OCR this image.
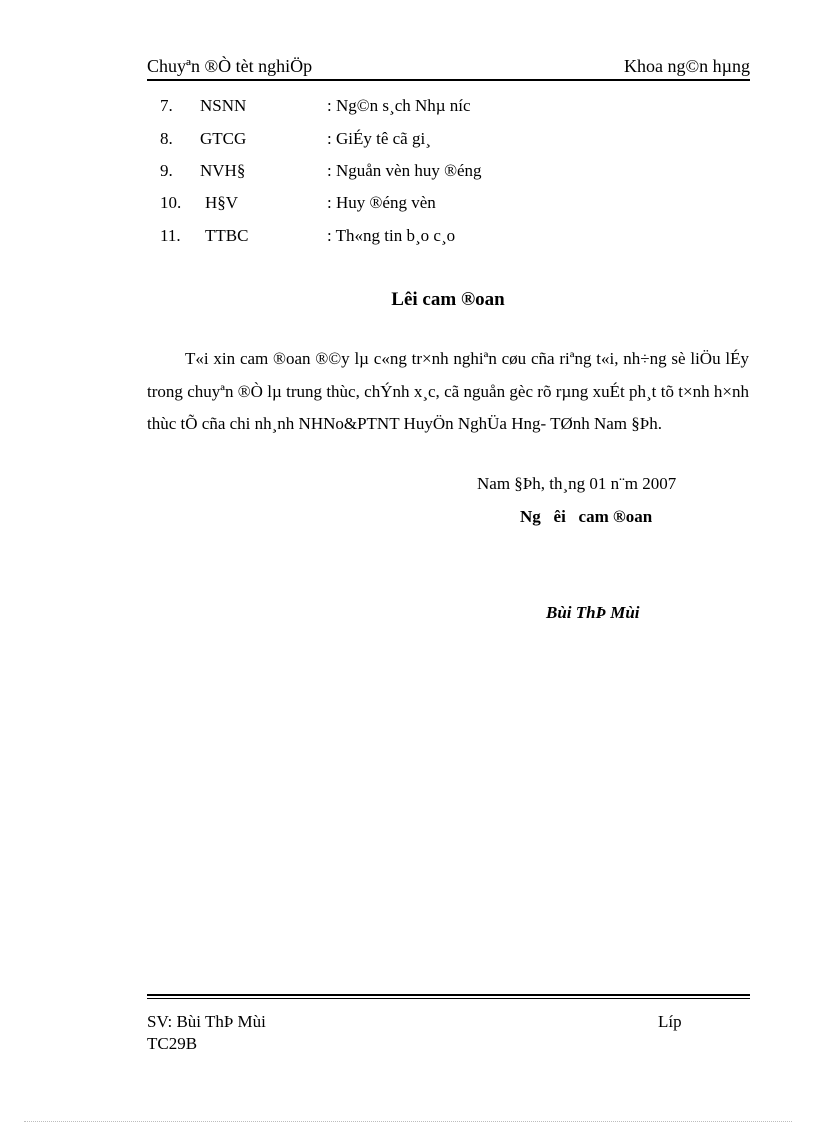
Chuyªn ®Ò tèt nghiÖp	Khoa ng©n hµng
7. NSNN	: Ng©n s¸ch Nhµ níc
8. GTCG	: GiÉy tê cã gi¸
9. NVH§	: Nguån vèn huy ®éng
10. H§V	: Huy ®éng vèn
11. TTBC	: Th«ng tin b¸o c¸o
Lêi cam ®oan
T«i xin cam ®oan ®©y lµ c«ng tr×nh nghiªn cøu cña riªng t«i, nh÷ng sè liÖu lÉy trong chuyªn ®Ò lµ trung thùc, chÝnh x¸c, cã nguån gèc rõ rµng xuÉt ph¸t tõ t×nh h×nh thùc tÕ cña chi nh¸nh NHNo&PTNT HuyÖn NghÜa Hng- TØnh Nam §Þh.
Nam §Þh, th¸ng 01 n¨m 2007
Ng   êi   cam ®oan
Bùi ThÞ Mùi
SV: Bùi ThÞ Mùi	Líp
TC29B
